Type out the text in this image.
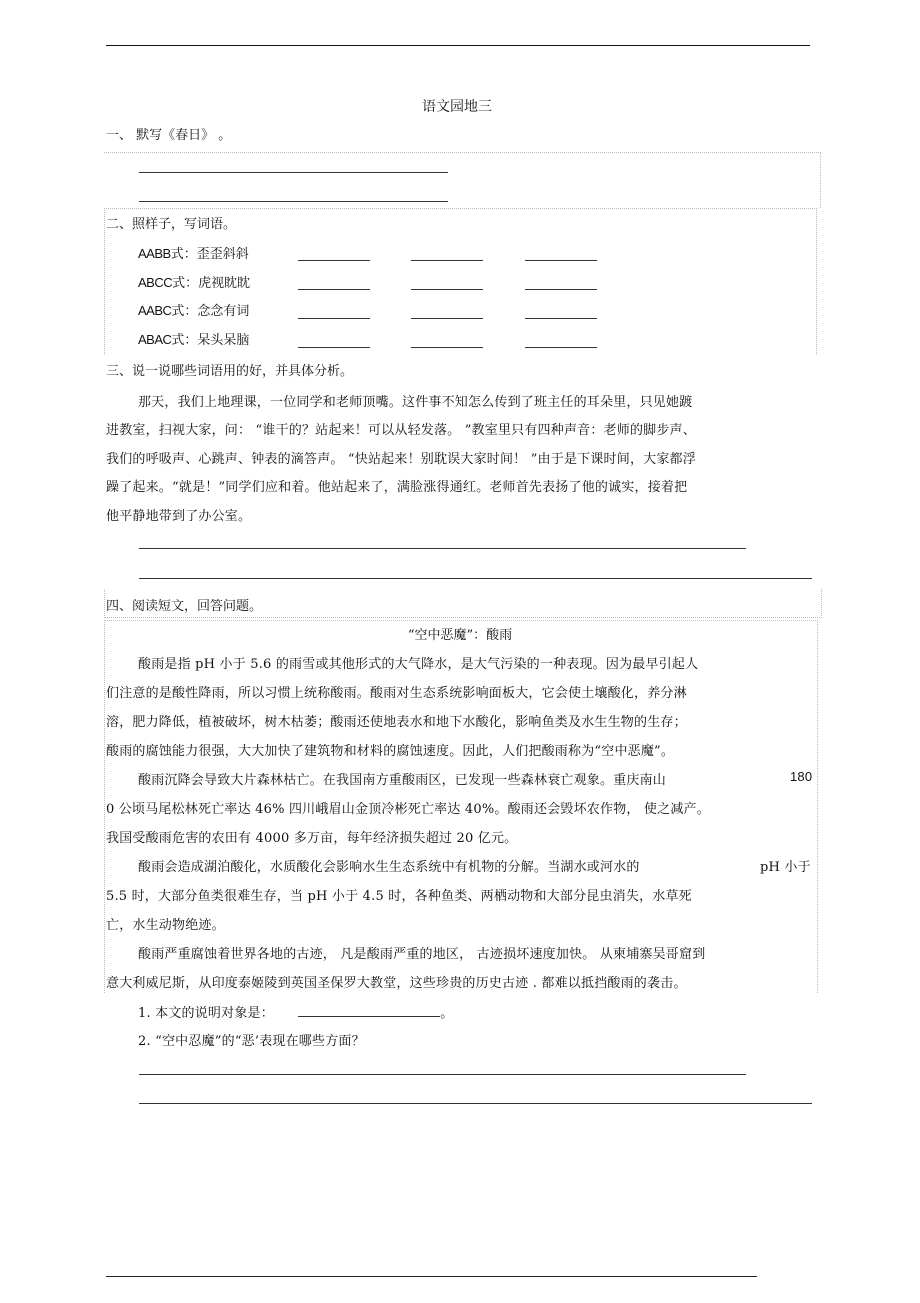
语文园地三
一、 默写《春日》 。
二、照样子，写词语。
AABB式：歪歪斜斜
ABCC式：虎视眈眈
AABC式：念念有词
ABAC式：呆头呆脑
三、说一说哪些词语用的好，并具体分析。
那天，我们上地理课，一位同学和老师顶嘴。这件事不知怎么传到了班主任的耳朵里，只见她踱
进教室，扫视大家，问： “谁干的？站起来！可以从轻发落。 ”教室里只有四种声音：老师的脚步声、
我们的呼吸声、心跳声、钟表的滴答声。 “快站起来！别耽误大家时间！ ”由于是下课时间，大家都浮
躁了起来。“就是！”同学们应和着。他站起来了，满脸涨得通红。老师首先表扬了他的诚实，接着把
他平静地带到了办公室。
四、阅读短文，回答问题。
“空中恶魔”：酸雨
酸雨是指 pH 小于 5.6 的雨雪或其他形式的大气降水，是大气污染的一种表现。因为最早引起人
们注意的是酸性降雨，所以习惯上统称酸雨。酸雨对生态系统影响面板大，它会使土壤酸化，养分淋
溶，肥力降低，植被破坏，树木枯萎；酸雨还使地表水和地下水酸化，影响鱼类及水生生物的生存；
酸雨的腐蚀能力很强，大大加快了建筑物和材料的腐蚀速度。因此，人们把酸雨称为“空中恶魔”。
酸雨沉降会导致大片森林枯亡。在我国南方重酸雨区，已发现一些森林衰亡观象。重庆南山	180
0 公顷马尾松林死亡率达 46% 四川峨眉山金顶冷彬死亡率达 40%。酸雨还会毁坏农作物， 使之减产。
我国受酸雨危害的农田有 4000 多万亩，每年经济损失超过 20 亿元。
酸雨会造成湖泊酸化，水质酸化会影响水生生态系统中有机物的分解。当湖水或河水的	pH 小于
5.5 时，大部分鱼类很难生存，当 pH 小于 4.5 时，各种鱼类、两栖动物和大部分昆虫消失，水草死
亡，水生动物绝迹。
酸雨严重腐蚀着世界各地的古迹， 凡是酸雨严重的地区， 古迹损坏速度加快。 从柬埔寨吴哥窟到
意大利威尼斯，从印度泰姬陵到英国圣保罗大教堂，这些珍贵的历史古迹 . 都难以抵挡酸雨的袭击。
1. 本文的说明对象是：	。
2. “空中忍魔”的“恶’表现在哪些方面？
